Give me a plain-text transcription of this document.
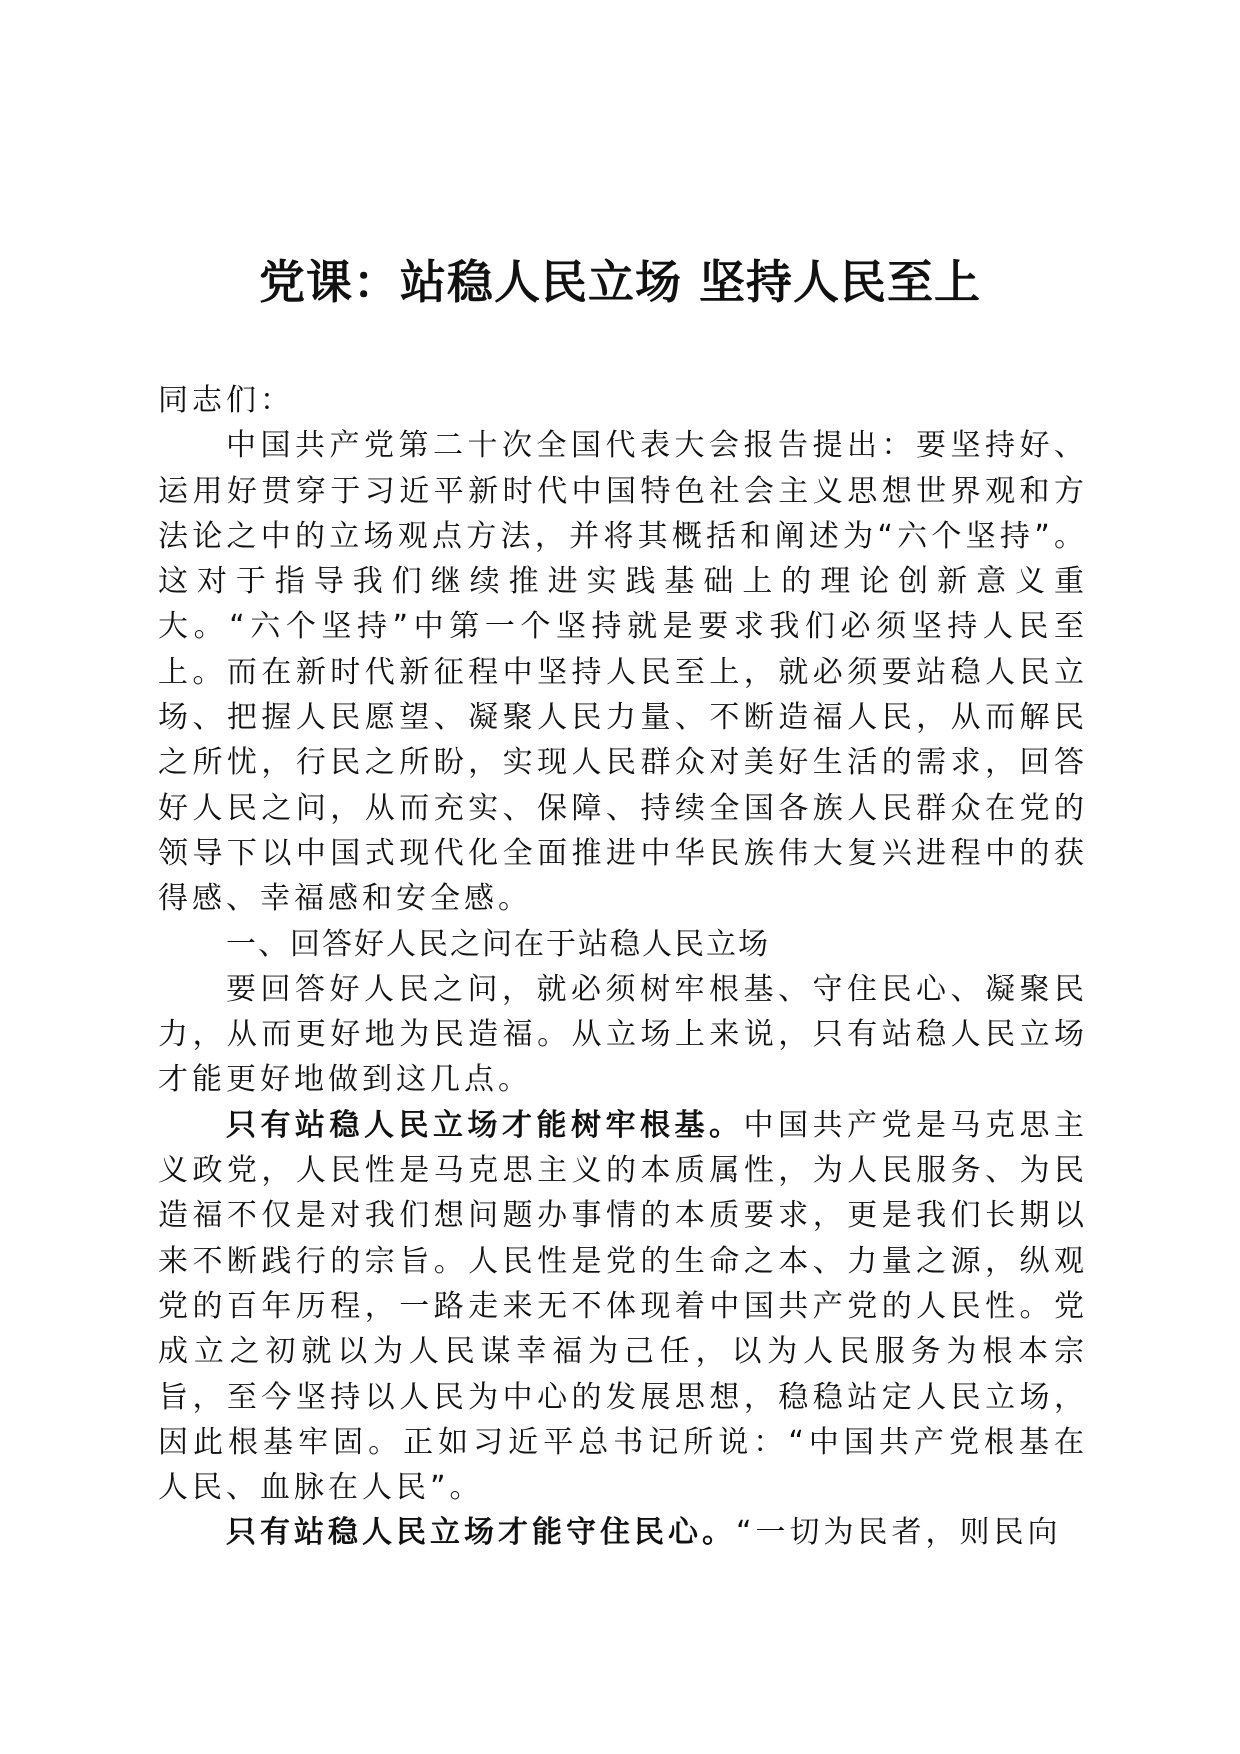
党课：站稳人民立场 坚持人民至上

同志们：

中国共产党第二十次全国代表大会报告提出：要坚持好、运用好贯穿于习近平新时代中国特色社会主义思想世界观和方法论之中的立场观点方法，并将其概括和阐述为“六个坚持”。这对于指导我们继续推进实践基础上的理论创新意义重大。“六个坚持”中第一个坚持就是要求我们必须坚持人民至上。而在新时代新征程中坚持人民至上，就必须要站稳人民立场、把握人民愿望、凝聚人民力量、不断造福人民，从而解民之所忧，行民之所盼，实现人民群众对美好生活的需求，回答好人民之问，从而充实、保障、持续全国各族人民群众在党的领导下以中国式现代化全面推进中华民族伟大复兴进程中的获得感、幸福感和安全感。

一、回答好人民之问在于站稳人民立场

要回答好人民之问，就必须树牢根基、守住民心、凝聚民力，从而更好地为民造福。从立场上来说，只有站稳人民立场才能更好地做到这几点。

只有站稳人民立场才能树牢根基。中国共产党是马克思主义政党，人民性是马克思主义的本质属性，为人民服务、为民造福不仅是对我们想问题办事情的本质要求，更是我们长期以来不断践行的宗旨。人民性是党的生命之本、力量之源，纵观党的百年历程，一路走来无不体现着中国共产党的人民性。党成立之初就以为人民谋幸福为己任，以为人民服务为根本宗旨，至今坚持以人民为中心的发展思想，稳稳站定人民立场，因此根基牢固。正如习近平总书记所说：“中国共产党根基在人民、血脉在人民”。

只有站稳人民立场才能守住民心。“一切为民者，则民向
